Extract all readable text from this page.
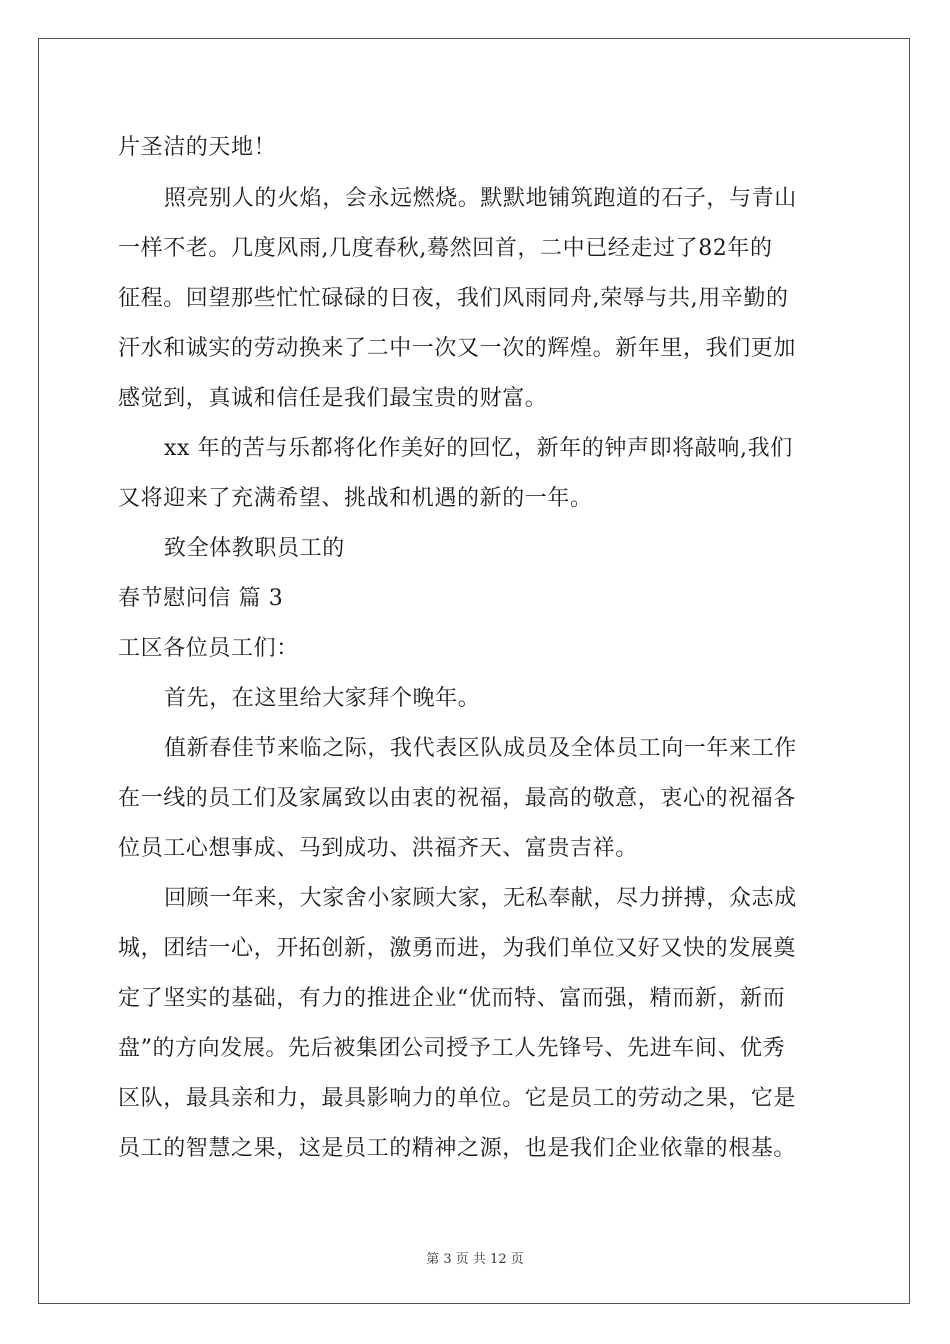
片圣洁的天地！
照亮别人的火焰，会永远燃烧。默默地铺筑跑道的石子，与青山
一样不老。几度风雨,几度春秋,蓦然回首，二中已经走过了82年的
征程。回望那些忙忙碌碌的日夜，我们风雨同舟,荣辱与共,用辛勤的
汗水和诚实的劳动换来了二中一次又一次的辉煌。新年里，我们更加
感觉到，真诚和信任是我们最宝贵的财富。
xx 年的苦与乐都将化作美好的回忆，新年的钟声即将敲响,我们
又将迎来了充满希望、挑战和机遇的新的一年。
致全体教职员工的
春节慰问信 篇 3
工区各位员工们：
首先，在这里给大家拜个晚年。
值新春佳节来临之际，我代表区队成员及全体员工向一年来工作
在一线的员工们及家属致以由衷的祝福，最高的敬意，衷心的祝福各
位员工心想事成、马到成功、洪福齐天、富贵吉祥。
回顾一年来，大家舍小家顾大家，无私奉献，尽力拼搏，众志成
城，团结一心，开拓创新，激勇而进，为我们单位又好又快的发展奠
定了坚实的基础，有力的推进企业“优而特、富而强，精而新，新而
盘”的方向发展。先后被集团公司授予工人先锋号、先进车间、优秀
区队，最具亲和力，最具影响力的单位。它是员工的劳动之果，它是
员工的智慧之果，这是员工的精神之源，也是我们企业依靠的根基。
第 3 页 共 12 页
